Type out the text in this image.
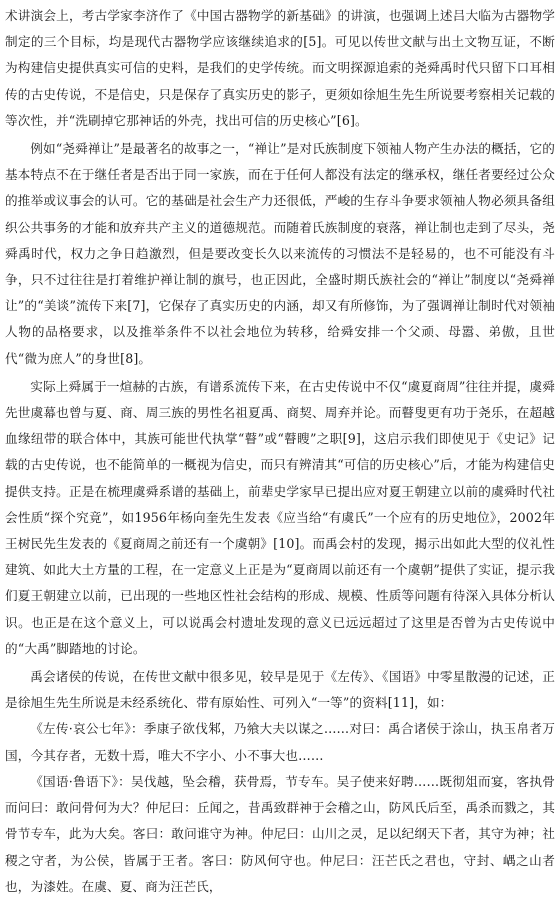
术讲演会上，考古学家李济作了《中国古器物学的新基础》的讲演，也强调上述吕大临为古器物学制定的三个目标，均是现代古器物学应该继续追求的[5]。可见以传世文献与出土文物互证，不断为构建信史提供真实可信的史料，是我们的史学传统。而文明探源追索的尧舜禹时代只留下口耳相传的古史传说，不是信史，只是保存了真实历史的影子，更须如徐旭生先生所说要考察相关记载的等次性，并“洗刷掉它那神话的外壳，找出可信的历史核心”[6]。

例如“尧舜禅让”是最著名的故事之一，“禅让”是对氏族制度下领袖人物产生办法的概括，它的基本特点不在于继任者是否出于同一家族，而在于任何人都没有法定的继承权，继任者要经过公众的推举或议事会的认可。它的基础是社会生产力还很低，严峻的生存斗争要求领袖人物必须具备组织公共事务的才能和放弃共产主义的道德规范。而随着氏族制度的衰落，禅让制也走到了尽头，尧舜禹时代，权力之争日趋激烈，但是要改变长久以来流传的习惯法不是轻易的，也不可能没有斗争，只不过往往是打着维护禅让制的旗号，也正因此，全盛时期氏族社会的“禅让”制度以“尧舜禅让”的“美谈”流传下来[7]，它保存了真实历史的内涵，却又有所修饰，为了强调禅让制时代对领袖人物的品格要求，以及推举条件不以社会地位为转移，给舜安排一个父顽、母嚣、弟傲，且世代“微为庶人”的身世[8]。

实际上舜属于一煊赫的古族，有谱系流传下来，在古史传说中不仅“虞夏商周”往往并提，虞舜先世虞幕也曾与夏、商、周三族的男性名祖夏禹、商契、周弃并论。而瞽叟更有功于尧乐，在超越血缘纽带的联合体中，其族可能世代执掌“瞽”或“瞽瞍”之职[9]，这启示我们即使见于《史记》记载的古史传说，也不能简单的一概视为信史，而只有辨清其“可信的历史核心”后，才能为构建信史提供支持。正是在梳理虞舜系谱的基础上，前辈史学家早已提出应对夏王朝建立以前的虞舜时代社会性质“探个究竟”，如1956年杨向奎先生发表《应当给“有虞氏”一个应有的历史地位》，2002年王树民先生发表的《夏商周之前还有一个虞朝》[10]。而禹会村的发现，揭示出如此大型的仪礼性建筑、如此大土方量的工程，在一定意义上正是为“夏商周以前还有一个虞朝”提供了实证，提示我们夏王朝建立以前，已出现的一些地区性社会结构的形成、规模、性质等问题有待深入具体分析认识。也正是在这个意义上，可以说禹会村遗址发现的意义已远远超过了这里是否曾为古史传说中的“大禹”脚踏地的讨论。

禹会诸侯的传说，在传世文献中很多见，较早是见于《左传》、《国语》中零星散漫的记述，正是徐旭生先生所说是未经系统化、带有原始性、可列入“一等”的资料[11]，如：

《左传·哀公七年》：季康子欲伐邾，乃飨大夫以谋之……对曰：禹合诸侯于涂山，执玉帛者万国，今其存者，无数十焉，唯大不字小、小不事大也……

《国语·鲁语下》：吴伐越，坠会稽，获骨焉，节专车。吴子使来好聘……既彻俎而宴，客执骨而问曰：敢问骨何为大？仲尼曰：丘闻之，昔禹致群神于会稽之山，防风氏后至，禹杀而戮之，其骨节专车，此为大矣。客曰：敢问谁守为神。仲尼曰：山川之灵，足以纪纲天下者，其守为神；社稷之守者，为公侯，皆属于王者。客曰：防风何守也。仲尼曰：汪芒氏之君也，守封、嵎之山者也，为漆姓。在虞、夏、商为汪芒氏，
